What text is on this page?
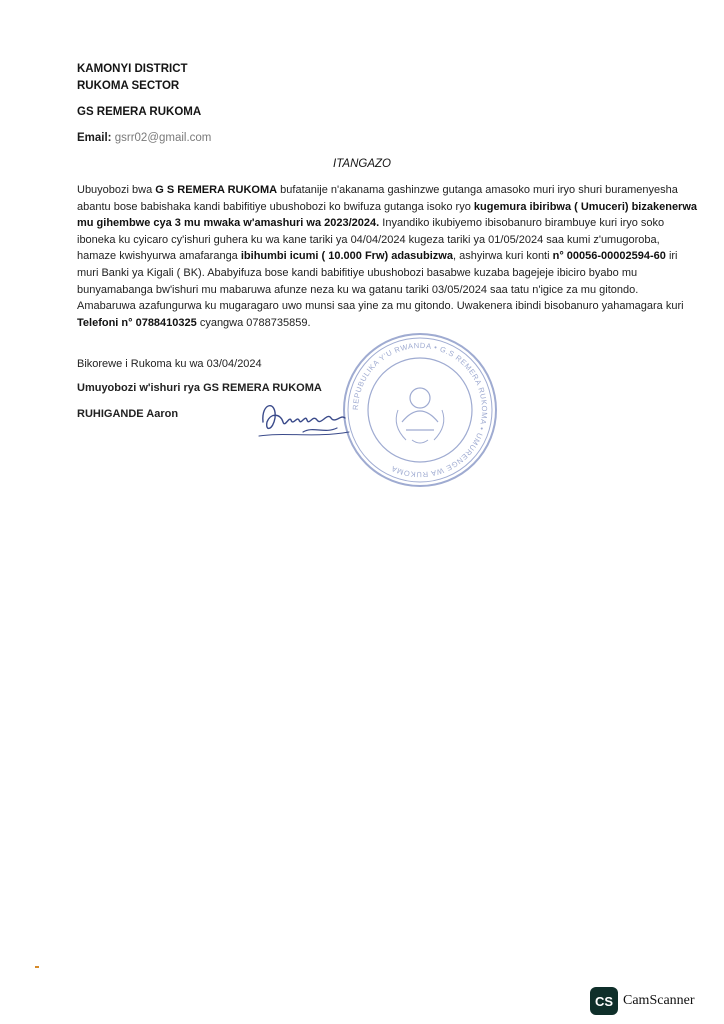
KAMONYI DISTRICT
RUKOMA SECTOR
GS REMERA RUKOMA
Email: gsrr02@gmail.com
ITANGAZO
Ubuyobozi bwa G S REMERA RUKOMA bufatanije n'akanama gashinzwe gutanga amasoko muri iryo shuri buramenyesha abantu bose babishaka kandi babifitiye ubushobozi ko bwifuza gutanga isoko ryo kugemura ibiribwa ( Umuceri) bizakenerwa mu gihembwe cya 3 mu mwaka w'amashuri wa 2023/2024. Inyandiko ikubiyemo ibisobanuro birambuye kuri iryo soko iboneka ku cyicaro cy'ishuri guhera ku wa kane tariki ya 04/04/2024 kugeza tariki ya 01/05/2024 saa kumi z'umugoroba, hamaze kwishyurwa amafaranga ibihumbi icumi ( 10.000 Frw) adasubizwa, ashyirwa kuri konti n° 00056-00002594-60 iri muri Banki ya Kigali ( BK). Ababyifuza bose kandi babifitiye ubushobozi basabwe kuzaba bagejeje ibiciro byabo mu bunyamabanga bw'ishuri mu mabaruwa afunze neza ku wa gatanu tariki 03/05/2024 saa tatu n'igice za mu gitondo. Amabaruwa azafungurwa ku mugaragaro uwo munsi saa yine za mu gitondo. Uwakenera ibindi bisobanuro yahamagara kuri Telefoni n° 0788410325 cyangwa 0788735859.
Bikorewe i Rukoma ku wa 03/04/2024
Umuyobozi w'ishuri rya GS REMERA RUKOMA
RUHIGANDE Aaron
REPUBULIKA Y'U RWANDA • G.S REMERA RUKOMA • UMURENGE WA RUKOMA
CS CamScanner
